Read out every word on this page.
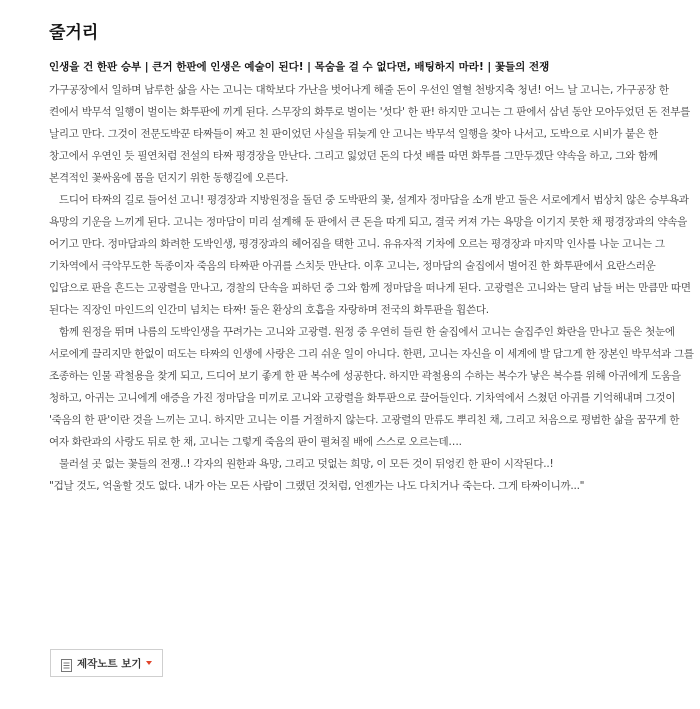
줄거리
인생을 건 한판 승부 | 큰거 한판에 인생은 예술이 된다! | 목숨을 걸 수 없다면, 배팅하지 마라! | 꽃들의 전쟁

가구공장에서 일하며 남루한 삶을 사는 고니는 대학보다 가난을 벗어나게 해줄 돈이 우선인 열혈 천방지축 청년! 어느 날 고니는, 가구공장 한 켠에서 박무석 일행이 벌이는 화투판에 끼게 된다. 스무장의 화투로 벌이는 '섯다' 한 판! 하지만 고니는 그 판에서 삼년 동안 모아두었던 돈 전부를 날리고 만다. 그것이 전문도박꾼 타짜들이 짜고 친 판이었던 사실을 뒤늦게 안 고니는 박무석 일행을 찾아 나서고, 도박으로 시비가 붙은 한 창고에서 우연인 듯 필연처럼 전설의 타짜 평경장을 만난다. 그리고 잃었던 돈의 다섯 배를 따면 화투를 그만두겠단 약속을 하고, 그와 함께 본격적인 꽃싸움에 몸을 던지기 위한 동행길에 오른다.

드디어 타짜의 길로 들어선 고니! 평경장과 지방원정을 돌던 중 도박판의 꽃, 설계자 정마담을 소개 받고 둘은 서로에게서 범상치 않은 승부욕과 욕망의 기운을 느끼게 된다. 고니는 정마담이 미리 설계해 둔 판에서 큰 돈을 따게 되고, 결국 커져 가는 욕망을 이기지 못한 채 평경장과의 약속을 어기고 만다. 정마담과의 화려한 도박인생, 평경장과의 헤어짐을 택한 고니. 유유자적 기차에 오르는 평경장과 마지막 인사를 나눈 고니는 그 기차역에서 극악무도한 독종이자 죽음의 타짜판 아귀를 스치듯 만난다. 이후 고니는, 정마담의 술집에서 벌어진 한 화투판에서 요란스러운 입담으로 판을 흔드는 고광렬을 만나고, 경찰의 단속을 피하던 중 그와 함께 정마담을 떠나게 된다. 고광렬은 고니와는 달리 남들 버는 만큼만 따면 된다는 직장인 마인드의 인간미 넘치는 타짜! 둘은 환상의 호흡을 자랑하며 전국의 화투판을 휩쓴다.

함께 원정을 뛰며 나름의 도박인생을 꾸려가는 고니와 고광렬. 원정 중 우연히 들린 한 술집에서 고니는 술집주인 화란을 만나고 둘은 첫눈에 서로에게 끌리지만 한없이 떠도는 타짜의 인생에 사랑은 그리 쉬운 일이 아니다. 한편, 고니는 자신을 이 세계에 발 담그게 한 장본인 박무석과 그를 조종하는 인물 곽철용을 찾게 되고, 드디어 보기 좋게 한 판 복수에 성공한다. 하지만 곽철용의 수하는 복수가 낳은 복수를 위해 아귀에게 도움을 청하고, 아귀는 고니에게 애증을 가진 정마담을 미끼로 고니와 고광렬을 화투판으로 끌어들인다. 기차역에서 스쳤던 아귀를 기억해내며 그것이 '죽음의 한 판'이란 것을 느끼는 고니. 하지만 고니는 이를 거절하지 않는다. 고광렬의 만류도 뿌리친 채, 그리고 처음으로 평범한 삶을 꿈꾸게 한 여자 화란과의 사랑도 뒤로 한 채, 고니는 그렇게 죽음의 판이 펼쳐질 배에 스스로 오르는데….

물러설 곳 없는 꽃들의 전쟁..! 각자의 원한과 욕망, 그리고 덧없는 희망, 이 모든 것이 뒤엉킨 한 판이 시작된다..!

"겁날 것도, 억울할 것도 없다. 내가 아는 모든 사람이 그랬던 것처럼, 언젠가는 나도 다치거나 죽는다. 그게 타짜이니까..."

제작노트 보기
